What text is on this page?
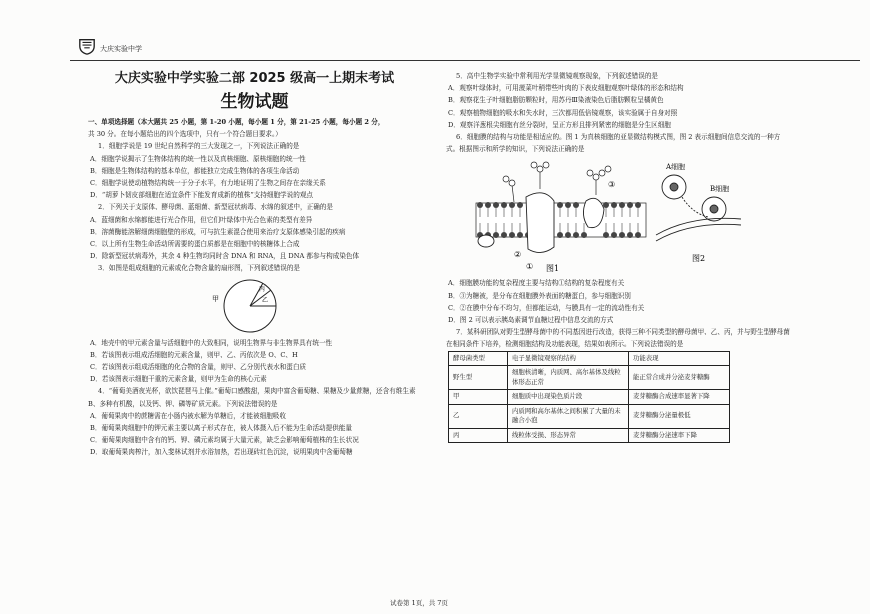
大庆实验中学

大庆实验中学实验二部 2025 级高一上期末考试

生物试题

一、单项选择题（本大题共 25 小题，第 1-20 小题，每小题 1 分，第 21-25 小题，每小题 2 分，

共 30 分。在每小题给出的四个选项中，只有一个符合题目要求。）

1．细胞学说是 19 世纪自然科学的三大发现之一，下列说法正确的是

A．细胞学说揭示了生物体结构的统一性以及真核细胞、原核细胞的统一性

B．细胞是生物体结构的基本单位，都能独立完成生物体的各项生命活动

C．细胞学说使动植物结构统一于分子水平，有力地证明了生物之间存在亲缘关系

D．“胡萝卜韧皮部细胞在适宜条件下能发育成新的植株”支持细胞学说的观点

2．下列关于支原体、酵母菌、蓝细菌、新型冠状病毒、水绵的叙述中，正确的是

A．蓝细菌和水绵都能进行光合作用，但它们叶绿体中光合色素的类型有差异

B．溶菌酶能溶解细菌细胞壁的形成，可与抗生素混合使用来治疗支原体感染引起的疾病

C．以上所有生物生命活动所需要的蛋白质都是在细胞中的核糖体上合成

D．除新型冠状病毒外，其余 4 种生物均同时含 DNA 和 RNA，且 DNA 都参与构成染色体

3．如图是组成细胞的元素或化合物含量的扇形图，下列叙述错误的是

甲	乙
丙

A．地壳中的甲元素含量与活细胞中的大致相同，说明生物界与非生物界具有统一性

B．若该图表示组成活细胞的元素含量，则甲、乙、丙依次是 O、C、H

C．若该图表示组成活细胞的化合物的含量，则甲、乙分别代表水和蛋白质

D．若该图表示细胞干重的元素含量，则甲为生命的核心元素

4．“葡萄美酒夜光杯，欲饮琵琶马上催。”葡萄口感酸甜，果肉中富含葡萄糖、果糖及少量蔗糖，还含有维生素 B、多种有机酸，以及钙、钾、磷等矿质元素。下列说法错误的是

A．葡萄果肉中的蔗糖需在小肠内被水解为单糖后，才能被细胞吸收

B．葡萄果肉细胞中的钾元素主要以离子形式存在，被人体摄入后不能为生命活动提供能量

C．葡萄果肉细胞中含有的钙、钾、磷元素均属于大量元素，缺乏会影响葡萄植株的生长状况

D．取葡萄果肉榨汁，加入斐林试剂并水浴加热，若出现砖红色沉淀，说明果肉中含葡萄糖

5．高中生物学实验中常利用光学显微镜观察现象，下列叙述错误的是

A．观察叶绿体时，可用菠菜叶稍带些叶肉的下表皮细胞观察叶绿体的形态和结构

B．观察花生子叶细胞脂肪颗粒时，用苏丹Ⅲ染液染色后脂肪颗粒呈橘黄色

C．观察植物细胞的吸水和失水时，三次都用低倍镜观察，该实验属于自身对照

D．观察洋葱根尖细胞有丝分裂时，呈正方形且排列紧密的细胞是分生区细胞

6．细胞膜的结构与功能是相适应的。图 1 为真核细胞的亚显微结构模式图，图 2 表示细胞间信息交流的一种方式。根据图示和所学的知识，下列说法正确的是

①
②
③
图1
A细胞
B细胞
图2

A．细胞膜功能的复杂程度主要与结构①结构的复杂程度有关

B．③为糖被，是分布在细胞膜外表面的糖蛋白，参与细胞识别

C．②在膜中分布不均匀，但都能运动，与膜具有一定的流动性有关

D．图 2 可以表示胰岛素调节血糖过程中信息交流的方式

7．某科研团队对野生型酵母菌中的不同基因进行改造，获得三种不同类型的酵母菌甲、乙、丙，并与野生型酵母菌在相同条件下培养，检测细胞结构及功能表现，结果如表所示。下列说法错误的是

酵母菌类型	电子显微镜观察的结构	功能表现
野生型	细胞核清晰，内质网、高尔基体及线粒体形态正常	能正常合成并分泌麦芽糖酶
甲	细胞质中出现染色质片段	麦芽糖酶合成速率显著下降
乙	内质网和高尔基体之间积累了大量的未融合小泡	麦芽糖酶分泌量极低
丙	线粒体受损、形态异常	麦芽糖酶分泌速率下降
试卷第 1页，共 7页
